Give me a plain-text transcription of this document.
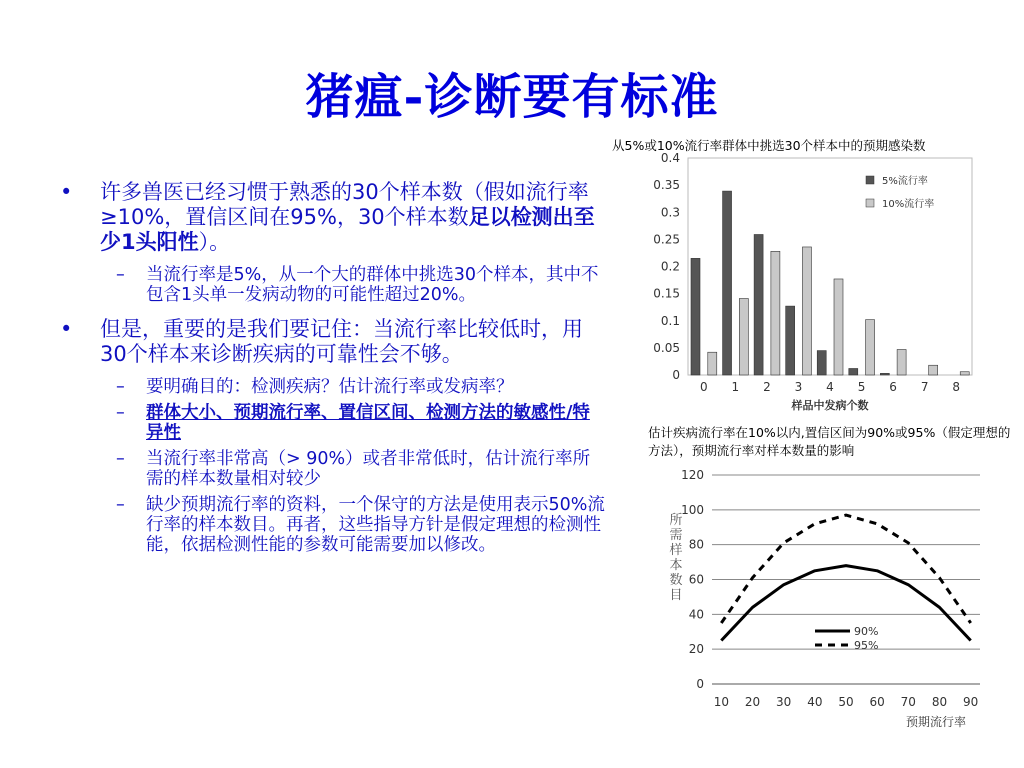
猪瘟-诊断要有标准
• 许多兽医已经习惯于熟悉的30个样本数（假如流行率≥10%，置信区间在95%，30个样本数足以检测出至少1头阳性）。
– 当流行率是5%，从一个大的群体中挑选30个样本，其中不包含1头单一发病动物的可能性超过20%。
• 但是，重要的是我们要记住：当流行率比较低时，用30个样本来诊断疾病的可靠性会不够。
– 要明确目的：检测疾病？估计流行率或发病率？
– 群体大小、预期流行率、置信区间、检测方法的敏感性/特异性
– 当流行率非常高（> 90%）或者非常低时，估计流行率所需的样本数量相对较少
– 缺少预期流行率的资料，一个保守的方法是使用表示50%流行率的样本数目。再者，这些指导方针是假定理想的检测性能，依据检测性能的参数可能需要加以修改。
从5%或10%流行率群体中挑选30个样本中的预期感染数
0
0.05
0.1
0.15
0.2
0.25
0.3
0.35
0.4
0 1 2 3 4 5 6 7 8
5%流行率
10%流行率
样品中发病个数
估计疾病流行率在10%以内,置信区间为90%或95%（假定理想的方法），预期流行率对样本数量的影响
0
20
40
60
80
100
120
10 20 30 40 50 60 70 80 90
90%
95%
所
需
样
本
数
目
预期流行率
